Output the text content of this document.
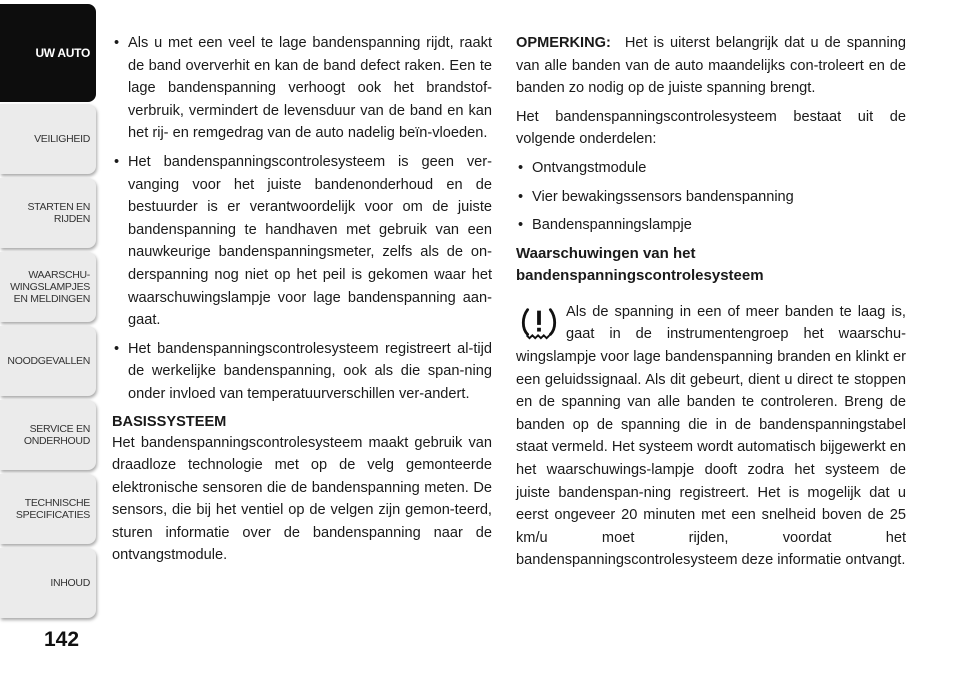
UW AUTO
VEILIGHEID
STARTEN EN
RIJDEN
WAARSCHU-
WINGSLAMPJES
EN MELDINGEN
NOODGEVALLEN
SERVICE EN
ONDERHOUD
TECHNISCHE
SPECIFICATIES
INHOUD
142
• Als u met een veel te lage bandenspanning rijdt, raakt de band oververhit en kan de band defect raken. Een te lage bandenspanning verhoogt ook het brandstof-verbruik, vermindert de levensduur van de band en kan het rij- en remgedrag van de auto nadelig beïn-vloeden.
• Het bandenspanningscontrolesysteem is geen ver-vanging voor het juiste bandenonderhoud en de bestuurder is er verantwoordelijk voor om de juiste bandenspanning te handhaven met gebruik van een nauwkeurige bandenspanningsmeter, zelfs als de on-derspanning nog niet op het peil is gekomen waar het waarschuwingslampje voor lage bandenspanning aan-gaat.
• Het bandenspanningscontrolesysteem registreert al-tijd de werkelijke bandenspanning, ook als die span-ning onder invloed van temperatuurverschillen ver-andert.
BASISSYSTEEM

Het bandenspanningscontrolesysteem maakt gebruik van draadloze technologie met op de velg gemonteerde elektronische sensoren die de bandenspanning meten. De sensors, die bij het ventiel op de velgen zijn gemon-teerd, sturen informatie over de bandenspanning naar de ontvangstmodule.

OPMERKING: Het is uiterst belangrijk dat u de spanning van alle banden van de auto maandelijks con-troleert en de banden zo nodig op de juiste spanning brengt.

Het bandenspanningscontrolesysteem bestaat uit de volgende onderdelen:

• Ontvangstmodule
• Vier bewakingssensors bandenspanning
• Bandenspanningslampje
Waarschuwingen van het
bandenspanningscontrolesysteem

Als de spanning in een of meer banden te laag is, gaat in de instrumentengroep het waarschu-wingslampje voor lage bandenspanning branden en klinkt er een geluidssignaal. Als dit gebeurt, dient u direct te stoppen en de spanning van alle banden te controleren. Breng de banden op de spanning die in de bandenspanningstabel staat vermeld. Het systeem wordt automatisch bijgewerkt en het waarschuwings-lampje dooft zodra het systeem de juiste bandenspan-ning registreert. Het is mogelijk dat u eerst ongeveer 20 minuten met een snelheid boven de 25 km/u moet rijden, voordat het bandenspanningscontrolesysteem deze informatie ontvangt.
